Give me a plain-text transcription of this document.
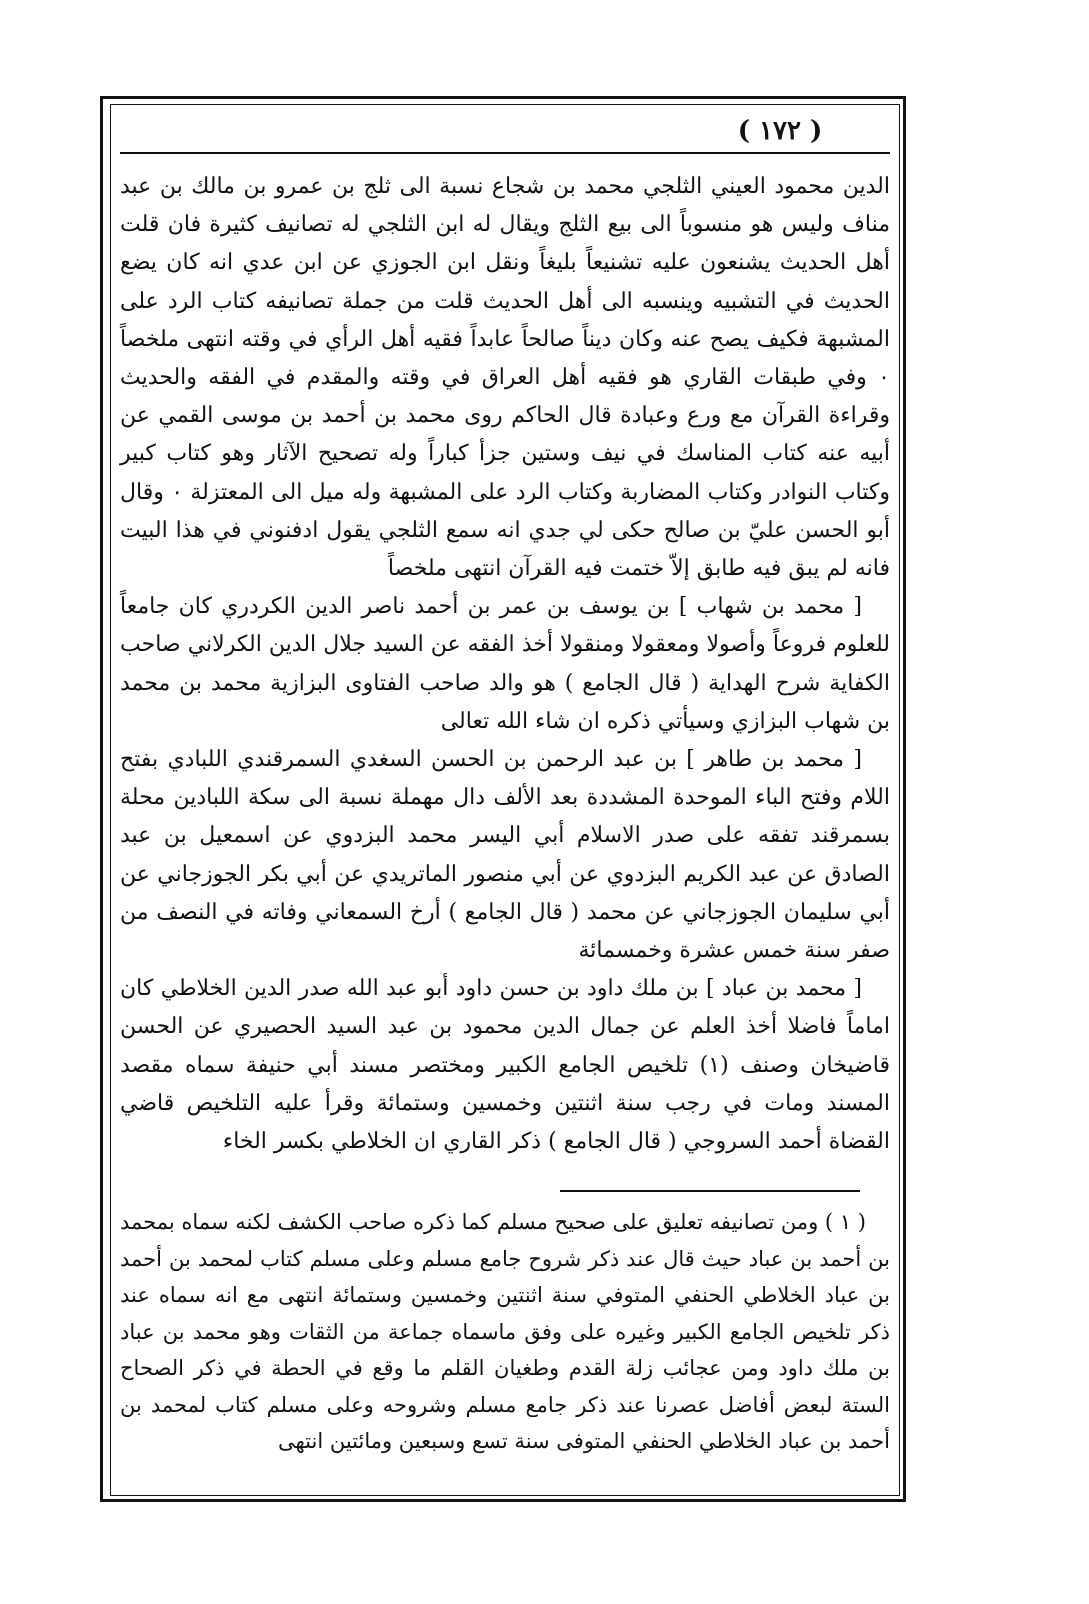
( ١٧٢ )

الدين محمود العيني الثلجي محمد بن شجاع نسبة الى ثلج بن عمرو بن مالك بن عبد مناف وليس هو منسوباً الى بيع الثلج ويقال له ابن الثلجي له تصانيف كثيرة فان قلت أهل الحديث يشنعون عليه تشنيعاً بليغاً ونقل ابن الجوزي عن ابن عدي انه كان يضع الحديث في التشبيه وينسبه الى أهل الحديث قلت من جملة تصانيفه كتاب الرد على المشبهة فكيف يصح عنه وكان ديناً صالحاً عابداً فقيه أهل الرأي في وقته انتهى ملخصاً ٠ وفي طبقات القاري هو فقيه أهل العراق في وقته والمقدم في الفقه والحديث وقراءة القرآن مع ورع وعبادة قال الحاكم روى محمد بن أحمد بن موسى القمي عن أبيه عنه كتاب المناسك في نيف وستين جزأ كباراً وله تصحيح الآثار وهو كتاب كبير وكتاب النوادر وكتاب المضاربة وكتاب الرد على المشبهة وله ميل الى المعتزلة ٠ وقال أبو الحسن عليّ بن صالح حكى لي جدي انه سمع الثلجي يقول ادفنوني في هذا البيت فانه لم يبق فيه طابق إلاّ ختمت فيه القرآن انتهى ملخصاً

[ محمد بن شهاب ] بن يوسف بن عمر بن أحمد ناصر الدين الكردري كان جامعاً للعلوم فروعاً وأصولا ومعقولا ومنقولا أخذ الفقه عن السيد جلال الدين الكرلاني صاحب الكفاية شرح الهداية ( قال الجامع ) هو والد صاحب الفتاوى البزازية محمد بن محمد بن شهاب البزازي وسيأتي ذكره ان شاء الله تعالى

[ محمد بن طاهر ] بن عبد الرحمن بن الحسن السغدي السمرقندي اللبادي بفتح اللام وفتح الباء الموحدة المشددة بعد الألف دال مهملة نسبة الى سكة اللبادين محلة بسمرقند تفقه على صدر الاسلام أبي اليسر محمد البزدوي عن اسمعيل بن عبد الصادق عن عبد الكريم البزدوي عن أبي منصور الماتريدي عن أبي بكر الجوزجاني عن أبي سليمان الجوزجاني عن محمد ( قال الجامع ) أرخ السمعاني وفاته في النصف من صفر سنة خمس عشرة وخمسمائة

[ محمد بن عباد ] بن ملك داود بن حسن داود أبو عبد الله صدر الدين الخلاطي كان اماماً فاضلا أخذ العلم عن جمال الدين محمود بن عبد السيد الحصيري عن الحسن قاضيخان وصنف (١) تلخيص الجامع الكبير ومختصر مسند أبي حنيفة سماه مقصد المسند ومات في رجب سنة اثنتين وخمسين وستمائة وقرأ عليه التلخيص قاضي القضاة أحمد السروجي ( قال الجامع ) ذكر القاري ان الخلاطي بكسر الخاء

( ١ ) ومن تصانيفه تعليق على صحيح مسلم كما ذكره صاحب الكشف لكنه سماه بمحمد بن أحمد بن عباد حيث قال عند ذكر شروح جامع مسلم وعلى مسلم كتاب لمحمد بن أحمد بن عباد الخلاطي الحنفي المتوفي سنة اثنتين وخمسين وستمائة انتهى مع انه سماه عند ذكر تلخيص الجامع الكبير وغيره على وفق ماسماه جماعة من الثقات وهو محمد بن عباد بن ملك داود ومن عجائب زلة القدم وطغيان القلم ما وقع في الحطة في ذكر الصحاح الستة لبعض أفاضل عصرنا عند ذكر جامع مسلم وشروحه وعلى مسلم كتاب لمحمد بن أحمد بن عباد الخلاطي الحنفي المتوفى سنة تسع وسبعين ومائتين انتهى
